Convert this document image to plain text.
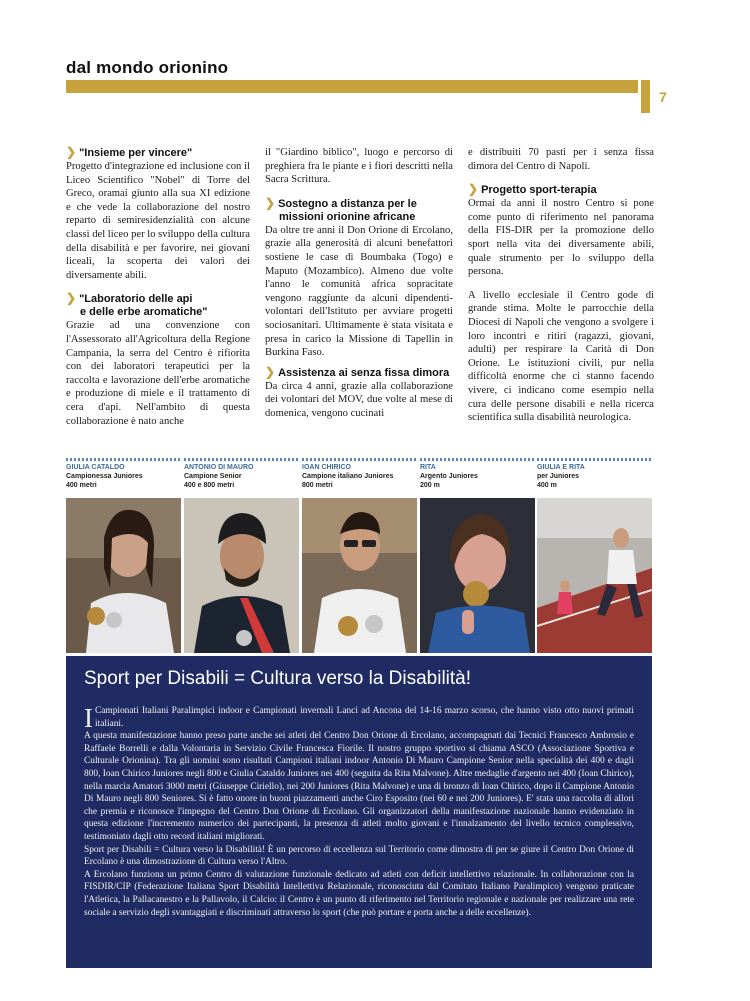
dal mondo orionino
7
❯ "Insieme per vincere"

Progetto d'integrazione ed inclusione con il Liceo Scientifico "Nobel" di Torre del Greco, oramai giunto alla sua XI edizione e che vede la collaborazione del nostro reparto di semiresidenzialità con alcune classi del liceo per lo sviluppo della cultura della disabilità e per favorire, nei giovani liceali, la scoperta dei valori dei diversamente abili.

❯ "Laboratorio delle api
e delle erbe aromatiche"

Grazie ad una convenzione con l'Assessorato all'Agricoltura della Regione Campania, la serra del Centro è rifiorita con dei laboratori terapeutici per la raccolta e lavorazione dell'erbe aromatiche e produzione di miele e il trattamento di cera d'api. Nell'ambito di questa collaborazione è nato anche

il "Giardino biblico", luogo e percorso di preghiera fra le piante e i fiori descritti nella Sacra Scrittura.

❯ Sostegno a distanza per le
missioni orionine africane

Da oltre tre anni il Don Orione di Ercolano, grazie alla generosità di alcuni benefattori sostiene le case di Boumbaka (Togo) e Maputo (Mozambico). Almeno due volte l'anno le comunità africa sopracitate vengono raggiunte da alcuni dipendenti-volontari dell'Istituto per avviare progetti sociosanitari. Ultimamente è stata visitata e presa in carico la Missione di Tapellin in Burkina Faso.

❯ Assistenza ai senza fissa dimora

Da circa 4 anni, grazie alla collaborazione dei volontari del MOV, due volte al mese di domenica, vengono cucinati

e distribuiti 70 pasti per i senza fissa dimora del Centro di Napoli.

❯ Progetto sport-terapia

Ormai da anni il nostro Centro si pone come punto di riferimento nel panorama della FIS-DIR per la promozione dello sport nella vita dei diversamente abili, quale strumento per lo sviluppo della persona.

A livello ecclesiale il Centro gode di grande stima. Molte le parrocchie della Diocesi di Napoli che vengono a svolgere i loro incontri e ritiri (ragazzi, giovani, adulti) per respirare la Carità di Don Orione. Le istituzioni civili, pur nella difficoltà enorme che ci stanno facendo vivere, ci indicano come esempio nella cura delle persone disabili e nella ricerca scientifica sulla disabilità neurologica.

GIULIA CATALDO
Campionessa Juniores
400 metri
ANTONIO DI MAURO
Campione Senior
400 e 800 metri
IOAN CHIRICO
Campione italiano Juniores
800 metri
RITA
Argento Juniores
200 m
GIULIA E RITA
per Juniores
400 m
Sport per Disabili = Cultura verso la Disabilità!

I Campionati Italiani Paralimpici indoor e Campionati invernali Lanci ad Ancona del 14-16 marzo scorso, che hanno visto otto nuovi primati italiani.

A questa manifestazione hanno preso parte anche sei atleti del Centro Don Orione di Ercolano, accompagnati dai Tecnici Francesco Ambrosio e Raffaele Borrelli e dalla Volontaria in Servizio Civile Francesca Fiorile. Il nostro gruppo sportivo si chiama ASCO (Associazione Sportiva e Culturale Orionina). Tra gli uomini sono risultati Campioni italiani indoor Antonio Di Mauro Campione Senior nella specialità dei 400 e dagli 800, Ioan Chirico Juniores negli 800 e Giulia Cataldo Juniores nei 400 (seguita da Rita Malvone). Altre medaglie d'argento nei 400 (Ioan Chirico), nella marcia Amatori 3000 metri (Giuseppe Ciriello), nei 200 Juniores (Rita Malvone) e una di bronzo di Ioan Chirico, dopo il Campione Antonio Di Mauro negli 800 Seniores. Si è fatto onore in buoni piazzamenti anche Ciro Esposito (nei 60 e nei 200 Juniores). E' stata una raccolta di allori che premia e riconosce l'impegno del Centro Don Orione di Ercolano. Gli organizzatori della manifestazione nazionale hanno evidenziato in questa edizione l'incremento numerico dei partecipanti, la presenza di atleti molto giovani e l'innalzamento del livello tecnico complessivo, testimoniato dagli otto record italiani migliorati.

Sport per Disabili = Cultura verso la Disabilità! È un percorso di eccellenza sul Territorio come dimostra di per se giure il Centro Don Orione di Ercolano è una dimostrazione di Cultura verso l'Altro.

A Ercolano funziona un primo Centro di valutazione funzionale dedicato ad atleti con deficit intellettivo relazionale. In collaborazione con la FISDIR/CIP (Federazione Italiana Sport Disabilità Intellettiva Relazionale, riconosciuta dal Comitato Italiano Paralimpico) vengono praticate l'Atletica, la Pallacanestro e la Pallavolo, il Calcio: il Centro è un punto di riferimento nel Territorio regionale e nazionale per realizzare una rete sociale a servizio degli svantaggiati e discriminati attraverso lo sport (che può portare e porta anche a delle eccellenze).
